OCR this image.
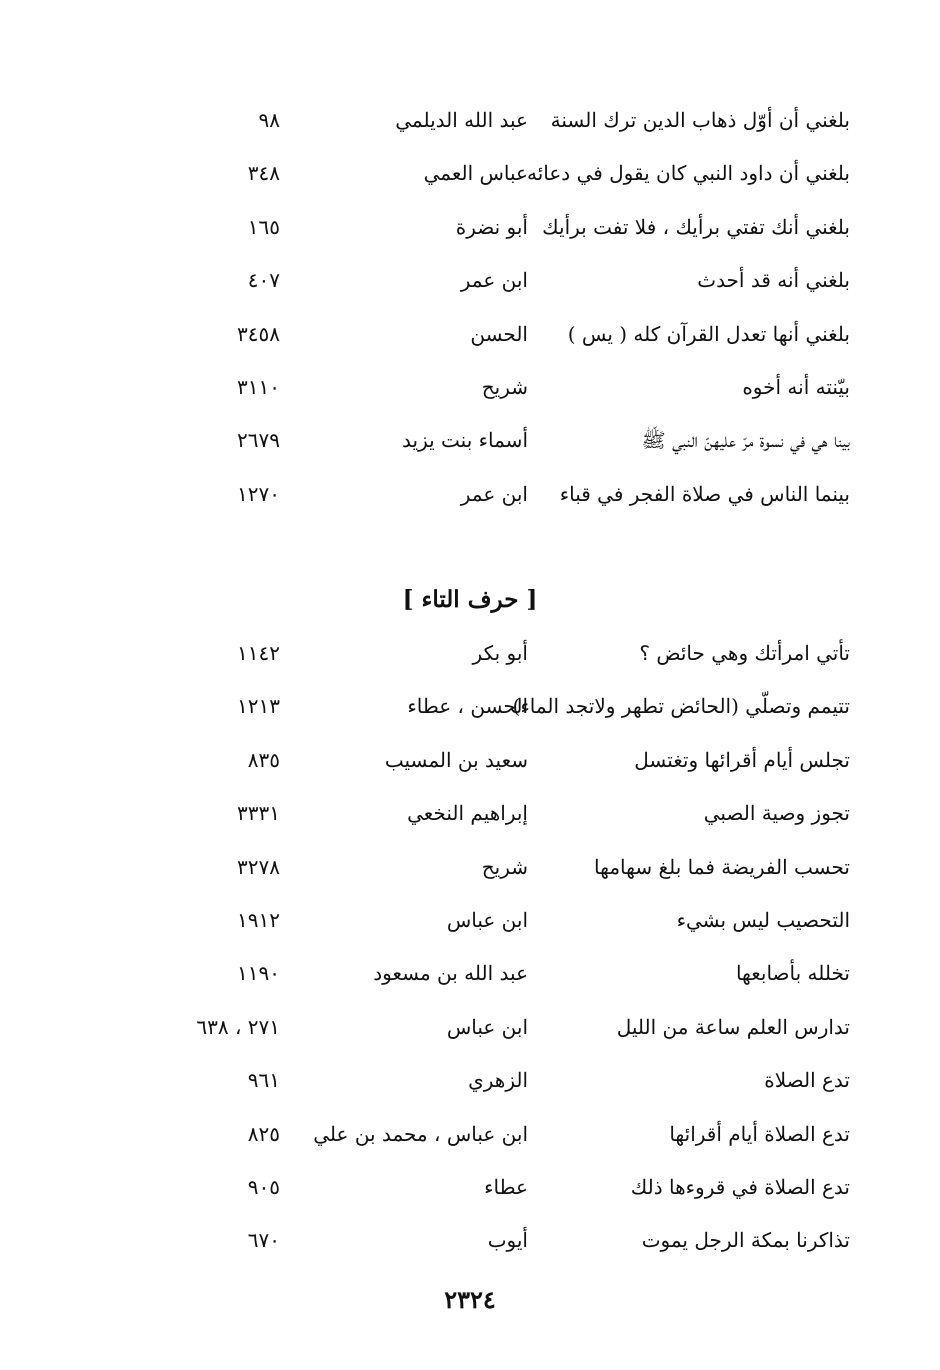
بلغني أن أوّل ذهاب الدين ترك السنة
عبد الله الديلمي
٩٨
بلغني أن داود النبي كان يقول في دعائه
عباس العمي
٣٤٨
بلغني أنك تفتي برأيك ، فلا تفت برأيك
أبو نضرة
١٦٥
بلغني أنه قد أحدث
ابن عمر
٤٠٧
بلغني أنها تعدل القرآن كله ( يس )
الحسن
٣٤٥٨
بيّنته أنه أخوه
شريح
٣١١٠
بينا هي في نسوة مرّ عليهنّ النبي ﷺ
أسماء بنت يزيد
٢٦٧٩
بينما الناس في صلاة الفجر في قباء
ابن عمر
١٢٧٠
[ حرف التاء ]
تأتي امرأتك وهي حائض ؟
أبو بكر
١١٤٢
تتيمم وتصلّي (الحائض تطهر ولاتجد الماء)
الحسن ، عطاء
١٢١٣
تجلس أيام أقرائها وتغتسل
سعيد بن المسيب
٨٣٥
تجوز وصية الصبي
إبراهيم النخعي
٣٣٣١
تحسب الفريضة فما بلغ سهامها
شريح
٣٢٧٨
التحصيب ليس بشيء
ابن عباس
١٩١٢
تخلله بأصابعها
عبد الله بن مسعود
١١٩٠
تدارس العلم ساعة من الليل
ابن عباس
٢٧١ ، ٦٣٨
تدع الصلاة
الزهري
٩٦١
تدع الصلاة أيام أقرائها
ابن عباس ، محمد بن علي
٨٢٥
تدع الصلاة في قروءها ذلك
عطاء
٩٠٥
تذاكرنا بمكة الرجل يموت
أيوب
٦٧٠
٢٣٢٤
